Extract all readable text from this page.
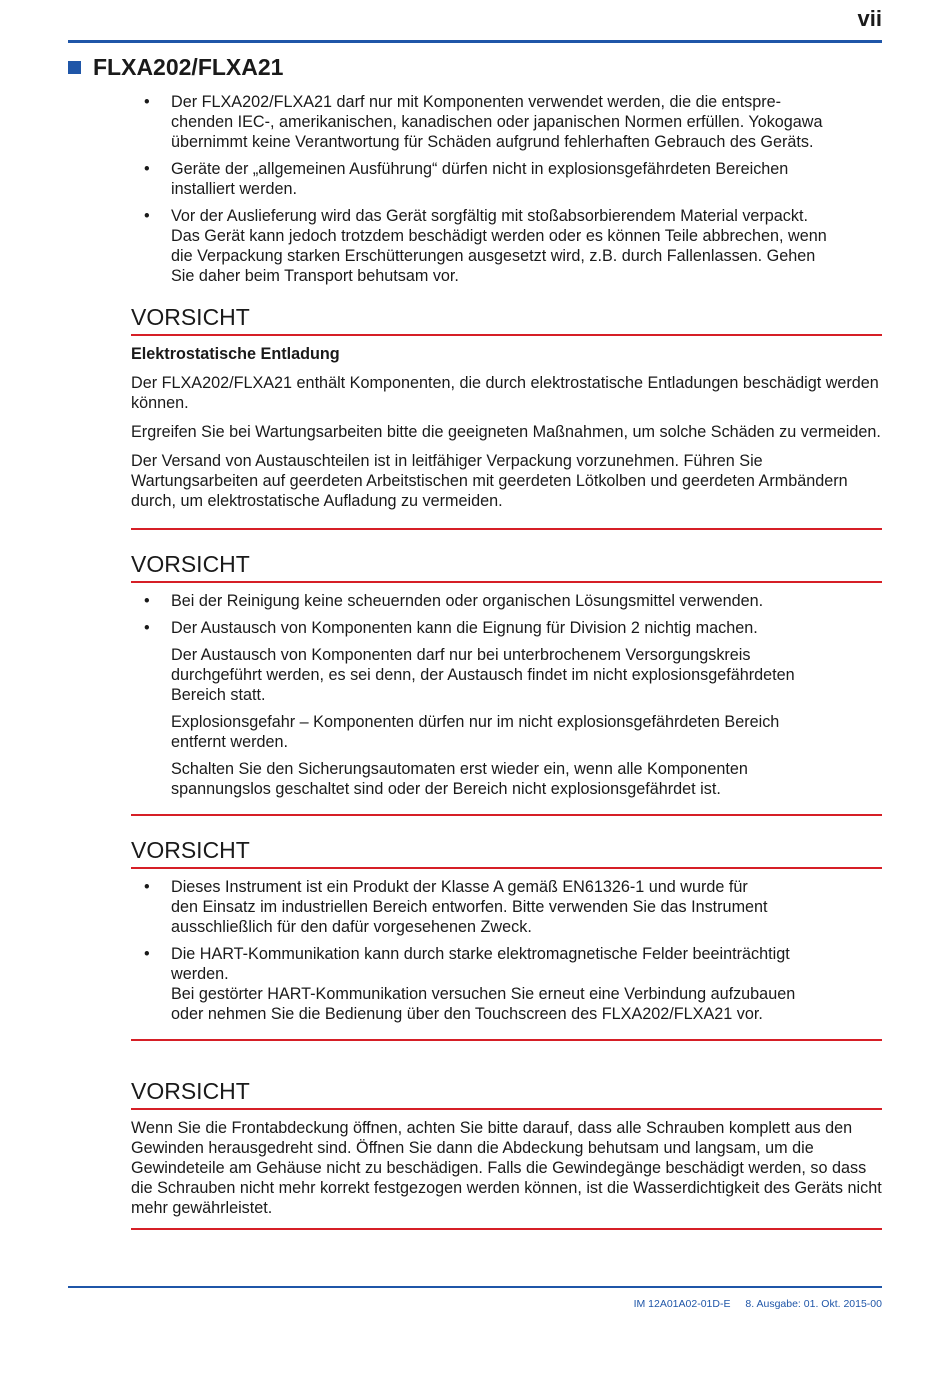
vii
FLXA202/FLXA21
• Der FLXA202/FLXA21 darf nur mit Komponenten verwendet werden, die die entspre-
chenden IEC-, amerikanischen, kanadischen oder japanischen Normen erfüllen. Yokogawa
übernimmt keine Verantwortung für Schäden aufgrund fehlerhaften Gebrauch des Geräts.
• Geräte der „allgemeinen Ausführung“ dürfen nicht in explosionsgefährdeten Bereichen
installiert werden.
• Vor der Auslieferung wird das Gerät sorgfältig mit stoßabsorbierendem Material verpackt.
Das Gerät kann jedoch trotzdem beschädigt werden oder es können Teile abbrechen, wenn
die Verpackung starken Erschütterungen ausgesetzt wird, z.B. durch Fallenlassen. Gehen
Sie daher beim Transport behutsam vor.
VORSICHT
Elektrostatische Entladung

Der FLXA202/FLXA21 enthält Komponenten, die durch elektrostatische Entladungen beschädigt werden können.

Ergreifen Sie bei Wartungsarbeiten bitte die geeigneten Maßnahmen, um solche Schäden zu vermeiden.

Der Versand von Austauschteilen ist in leitfähiger Verpackung vorzunehmen. Führen Sie Wartungsarbeiten auf geerdeten Arbeitstischen mit geerdeten Lötkolben und geerdeten Armbändern durch, um elektrostatische Aufladung zu vermeiden.

VORSICHT
• Bei der Reinigung keine scheuernden oder organischen Lösungsmittel verwenden.
• Der Austausch von Komponenten kann die Eignung für Division 2 nichtig machen.
Der Austausch von Komponenten darf nur bei unterbrochenem Versorgungskreis
durchgeführt werden, es sei denn, der Austausch findet im nicht explosionsgefährdeten
Bereich statt.
Explosionsgefahr – Komponenten dürfen nur im nicht explosionsgefährdeten Bereich
entfernt werden.
Schalten Sie den Sicherungsautomaten erst wieder ein, wenn alle Komponenten
spannungslos geschaltet sind oder der Bereich nicht explosionsgefährdet ist.
VORSICHT
• Dieses Instrument ist ein Produkt der Klasse A gemäß EN61326-1 und wurde für
den Einsatz im industriellen Bereich entworfen. Bitte verwenden Sie das Instrument
ausschließlich für den dafür vorgesehenen Zweck.
• Die HART-Kommunikation kann durch starke elektromagnetische Felder beeinträchtigt
werden.
Bei gestörter HART-Kommunikation versuchen Sie erneut eine Verbindung aufzubauen
oder nehmen Sie die Bedienung über den Touchscreen des FLXA202/FLXA21 vor.
VORSICHT

Wenn Sie die Frontabdeckung öffnen, achten Sie bitte darauf, dass alle Schrauben komplett aus den Gewinden herausgedreht sind. Öffnen Sie dann die Abdeckung behutsam und langsam, um die Gewindeteile am Gehäuse nicht zu beschädigen. Falls die Gewindegänge beschädigt werden, so dass die Schrauben nicht mehr korrekt festgezogen werden können, ist die Wasserdichtigkeit des Geräts nicht mehr gewährleistet.

IM 12A01A02-01D-E 8. Ausgabe: 01. Okt. 2015-00
